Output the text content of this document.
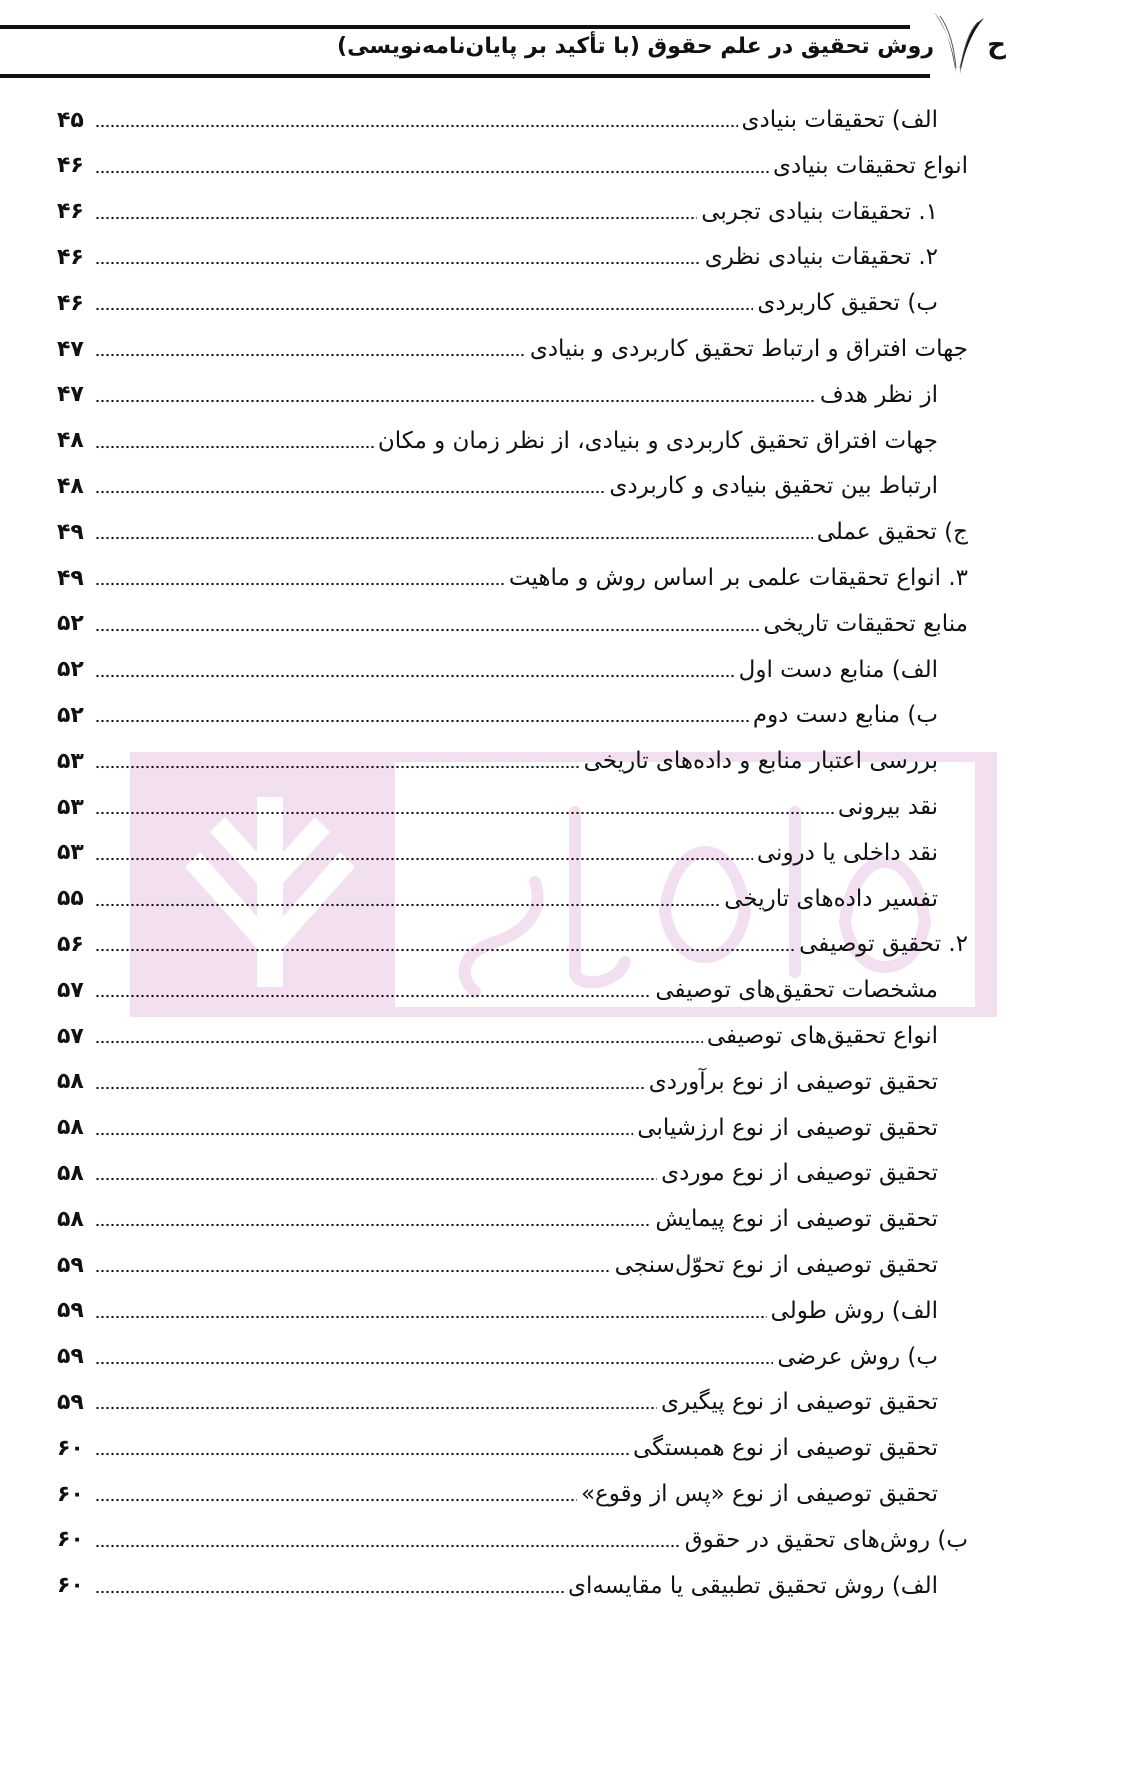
روش تحقیق در علم حقوق (با تأکید بر پایان‌نامه‌نویسی) ح
۴۵	الف) تحقیقات بنیادی
۴۶	انواع تحقیقات بنیادی
۴۶	۱. تحقیقات بنیادی تجربی
۴۶	۲. تحقیقات بنیادی نظری
۴۶	ب) تحقیق کاربردی
۴۷	جهات افتراق و ارتباط تحقیق کاربردی و بنیادی
۴۷	از نظر هدف
۴۸	جهات افتراق تحقیق کاربردی و بنیادی، از نظر زمان و مکان
۴۸	ارتباط بین تحقیق بنیادی و کاربردی
۴۹	ج) تحقیق عملی
۴۹	۳. انواع تحقیقات علمی بر اساس روش و ماهیت
۵۲	منابع تحقیقات تاریخی
۵۲	الف) منابع دست اول
۵۲	ب) منابع دست دوم
۵۳	بررسی اعتبار منابع و داده‌های تاریخی
۵۳	نقد بیرونی
۵۳	نقد داخلی یا درونی
۵۵	تفسیر داده‌های تاریخی
۵۶	۲. تحقیق توصیفی
۵۷	مشخصات تحقیق‌های توصیفی
۵۷	انواع تحقیق‌های توصیفی
۵۸	تحقیق توصیفی از نوع برآوردی
۵۸	تحقیق توصیفی از نوع ارزشیابی
۵۸	تحقیق توصیفی از نوع موردی
۵۸	تحقیق توصیفی از نوع پیمایش
۵۹	تحقیق توصیفی از نوع تحوّل‌سنجی
۵۹	الف) روش طولی
۵۹	ب) روش عرضی
۵۹	تحقیق توصیفی از نوع پیگیری
۶۰	تحقیق توصیفی از نوع همبستگی
۶۰	تحقیق توصیفی از نوع «پس از وقوع»
۶۰	ب) روش‌های تحقیق در حقوق
۶۰	الف) روش تحقیق تطبیقی یا مقایسه‌ای
